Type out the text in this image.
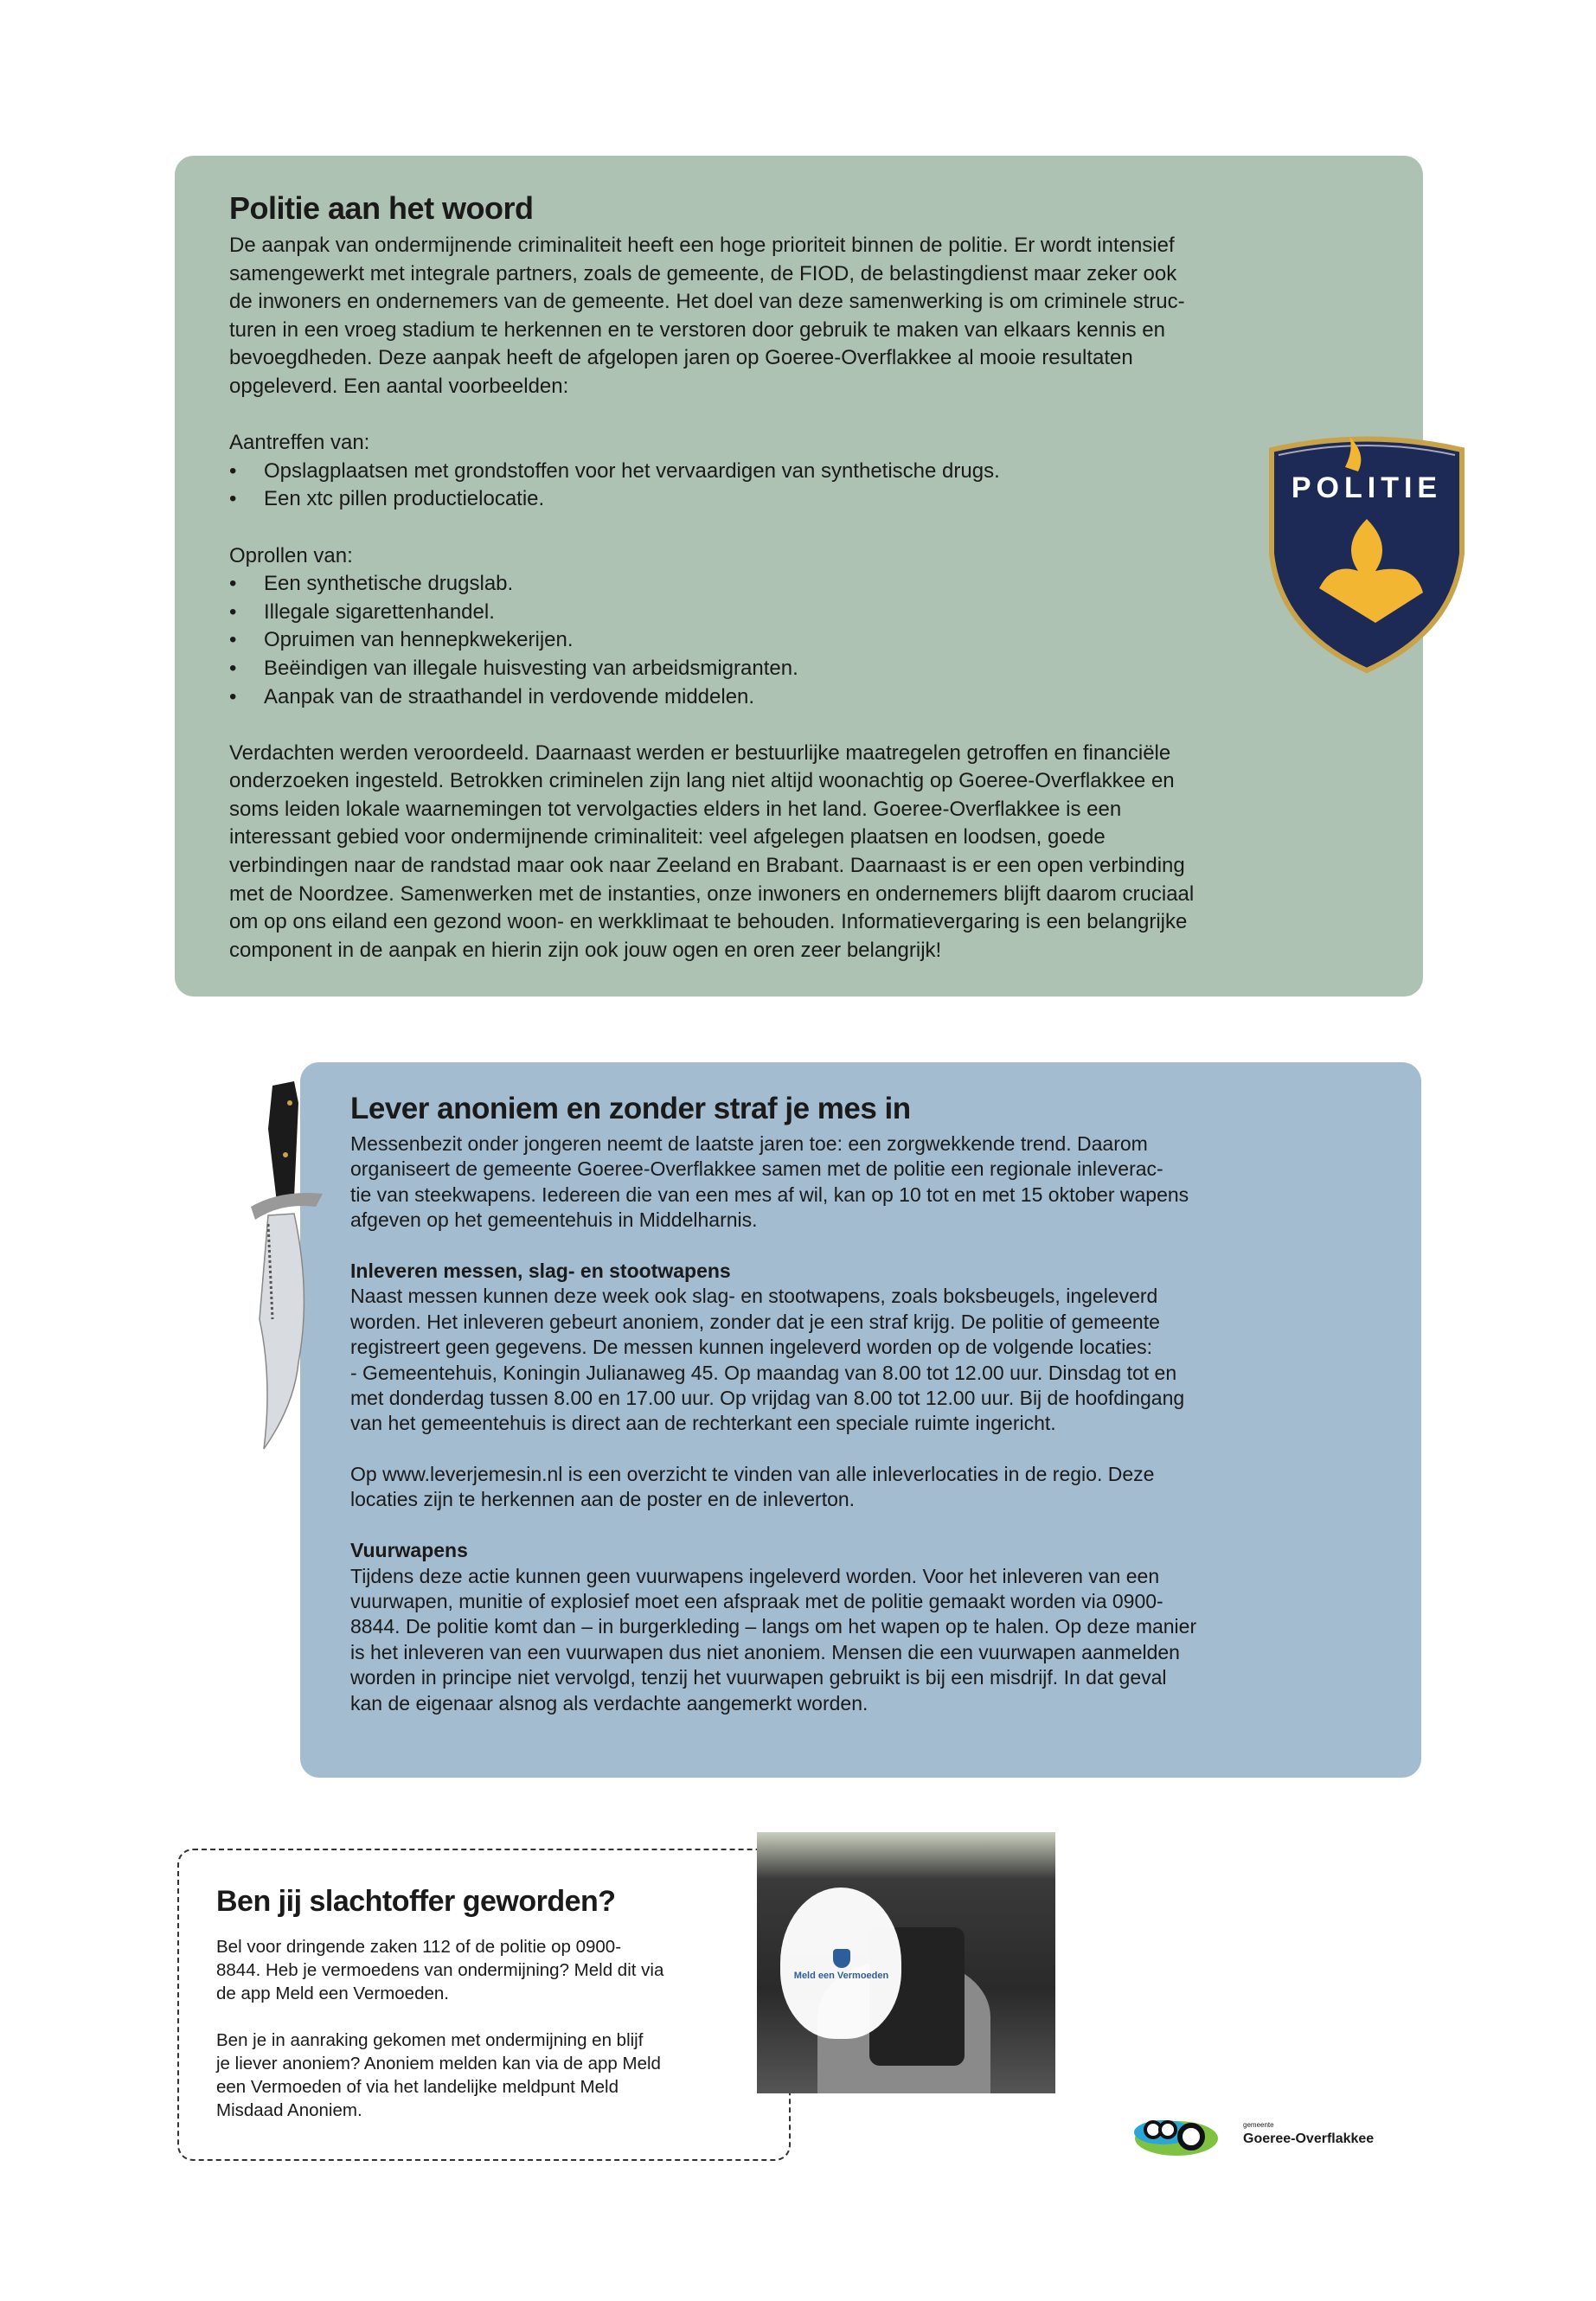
Politie aan het woord
De aanpak van ondermijnende criminaliteit heeft een hoge prioriteit binnen de politie. Er wordt intensief
samengewerkt met integrale partners, zoals de gemeente, de FIOD, de belastingdienst maar zeker ook
de inwoners en ondernemers van de gemeente. Het doel van deze samenwerking is om criminele struc-
turen in een vroeg stadium te herkennen en te verstoren door gebruik te maken van elkaars kennis en
bevoegdheden. Deze aanpak heeft de afgelopen jaren op Goeree-Overflakkee al mooie resultaten
opgeleverd. Een aantal voorbeelden:
Aantreffen van:
• Opslagplaatsen met grondstoffen voor het vervaardigen van synthetische drugs.
• Een xtc pillen productielocatie.
Oprollen van:
• Een synthetische drugslab.
• Illegale sigarettenhandel.
• Opruimen van hennepkwekerijen.
• Beëindigen van illegale huisvesting van arbeidsmigranten.
• Aanpak van de straathandel in verdovende middelen.
Verdachten werden veroordeeld. Daarnaast werden er bestuurlijke maatregelen getroffen en financiële
onderzoeken ingesteld. Betrokken criminelen zijn lang niet altijd woonachtig op Goeree-Overflakkee en
soms leiden lokale waarnemingen tot vervolgacties elders in het land. Goeree-Overflakkee is een
interessant gebied voor ondermijnende criminaliteit: veel afgelegen plaatsen en loodsen, goede
verbindingen naar de randstad maar ook naar Zeeland en Brabant. Daarnaast is er een open verbinding
met de Noordzee. Samenwerken met de instanties, onze inwoners en ondernemers blijft daarom cruciaal
om op ons eiland een gezond woon- en werkklimaat te behouden. Informatievergaring is een belangrijke
component in de aanpak en hierin zijn ook jouw ogen en oren zeer belangrijk!
POLITIE
Lever anoniem en zonder straf je mes in
Messenbezit onder jongeren neemt de laatste jaren toe: een zorgwekkende trend. Daarom
organiseert de gemeente Goeree-Overflakkee samen met de politie een regionale inleverac-
tie van steekwapens. Iedereen die van een mes af wil, kan op 10 tot en met 15 oktober wapens
afgeven op het gemeentehuis in Middelharnis.
Inleveren messen, slag- en stootwapens
Naast messen kunnen deze week ook slag- en stootwapens, zoals boksbeugels, ingeleverd
worden. Het inleveren gebeurt anoniem, zonder dat je een straf krijg. De politie of gemeente
registreert geen gegevens. De messen kunnen ingeleverd worden op de volgende locaties:
- Gemeentehuis, Koningin Julianaweg 45. Op maandag van 8.00 tot 12.00 uur. Dinsdag tot en
met donderdag tussen 8.00 en 17.00 uur. Op vrijdag van 8.00 tot 12.00 uur. Bij de hoofdingang
van het gemeentehuis is direct aan de rechterkant een speciale ruimte ingericht.
Op www.leverjemesin.nl is een overzicht te vinden van alle inleverlocaties in de regio. Deze
locaties zijn te herkennen aan de poster en de inleverton.
Vuurwapens
Tijdens deze actie kunnen geen vuurwapens ingeleverd worden. Voor het inleveren van een
vuurwapen, munitie of explosief moet een afspraak met de politie gemaakt worden via 0900-
8844. De politie komt dan – in burgerkleding – langs om het wapen op te halen. Op deze manier
is het inleveren van een vuurwapen dus niet anoniem. Mensen die een vuurwapen aanmelden
worden in principe niet vervolgd, tenzij het vuurwapen gebruikt is bij een misdrijf. In dat geval
kan de eigenaar alsnog als verdachte aangemerkt worden.
Ben jij slachtoffer geworden?
Bel voor dringende zaken 112 of de politie op 0900-
8844. Heb je vermoedens van ondermijning? Meld dit via
de app Meld een Vermoeden.
Ben je in aanraking gekomen met ondermijning en blijf
je liever anoniem? Anoniem melden kan via de app Meld
een Vermoeden of via het landelijke meldpunt Meld
Misdaad Anoniem.
Meld een Vermoeden
gemeente
Goeree-Overflakkee
